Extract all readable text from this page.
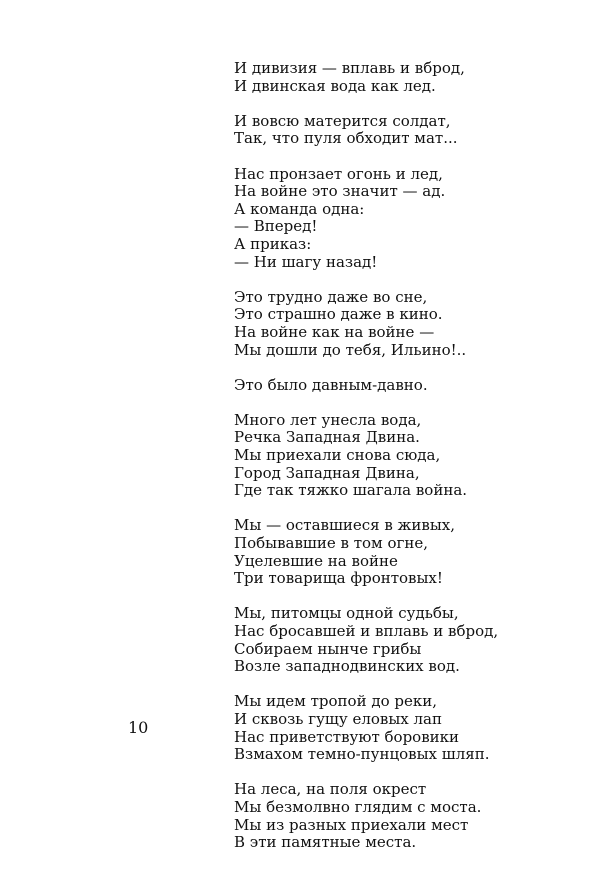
И дивизия — вплавь и вброд,
И двинская вода как лед.
И вовсю матерится солдат,
Так, что пуля обходит мат...
Нас пронзает огонь и лед,
На войне это значит — ад.
А команда одна:
— Вперед!
А приказ:
— Ни шагу назад!
Это трудно даже во сне,
Это страшно даже в кино.
На войне как на войне —
Мы дошли до тебя, Ильино!..
Это было давным-давно.
Много лет унесла вода,
Речка Западная Двина.
Мы приехали снова сюда,
Город Западная Двина,
Где так тяжко шагала война.
Мы — оставшиеся в живых,
Побывавшие в том огне,
Уцелевшие на войне
Три товарища фронтовых!
Мы, питомцы одной судьбы,
Нас бросавшей и вплавь и вброд,
Собираем нынче грибы
Возле западнодвинских вод.
Мы идем тропой до реки,
И сквозь гущу еловых лап
Нас приветствуют боровики
Взмахом темно-пунцовых шляп.
На леса, на поля окрест
Мы безмолвно глядим с моста.
Мы из разных приехали мест
В эти памятные места.
10
